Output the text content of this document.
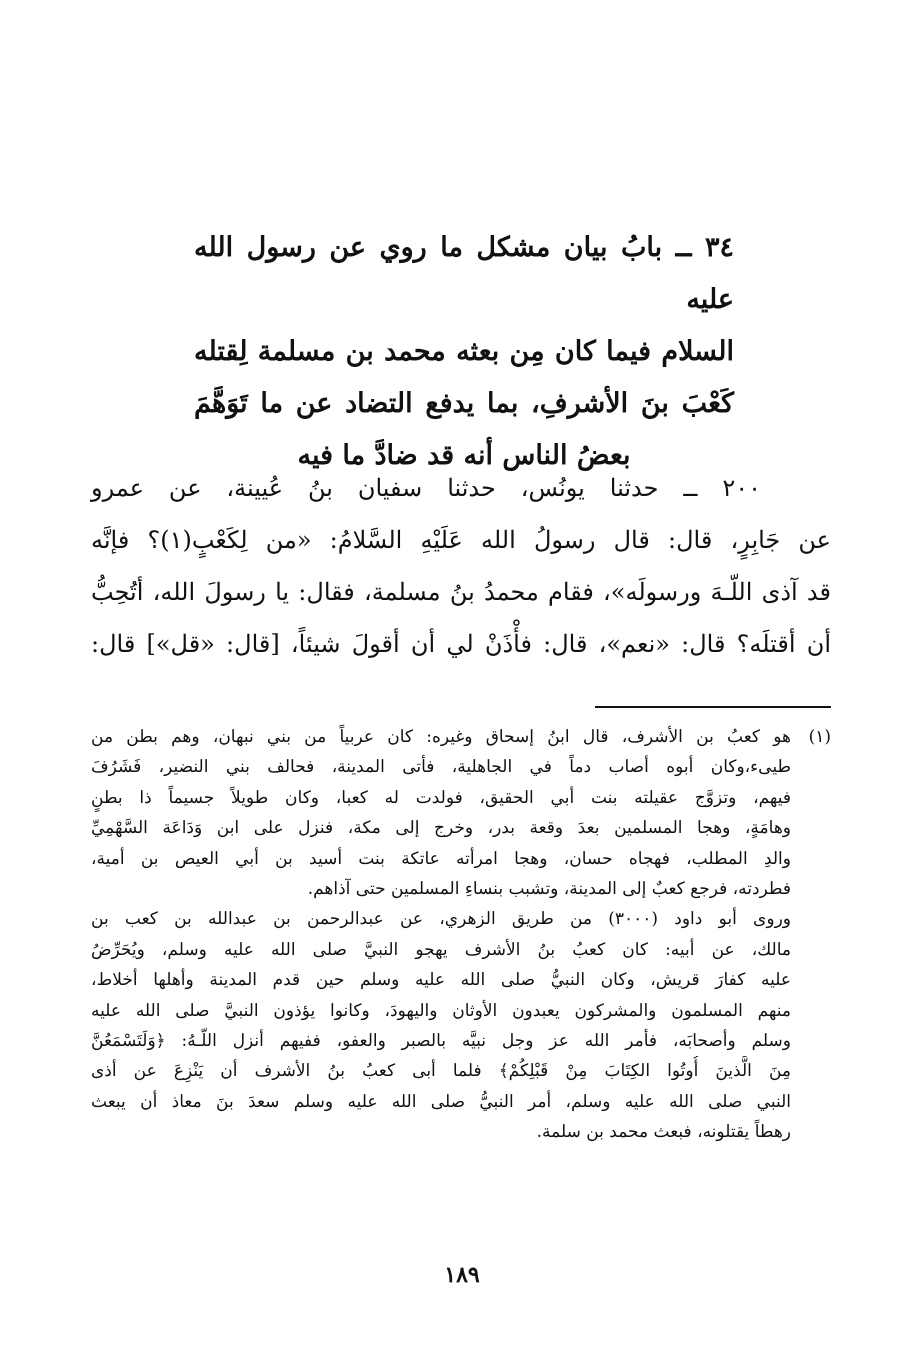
٣٤ ــ بابُ بيان مشكل ما روي عن رسول الله عليه
السلام فيما كان مِن بعثه محمد بن مسلمة لِقتله
كَعْبَ بنَ الأشرفِ، بما يدفع التضاد عن ما تَوَهَّمَ
بعضُ الناس أنه قد ضادَّ ما فيه
٢٠٠ ــ حدثنا يونُس، حدثنا سفيان بنُ عُيينة، عن عمرو
عن جَابِرٍ، قال: قال رسولُ الله عَلَيْهِ السَّلامُ: «من لِكَعْبٍ(١)؟ فإنَّه
قد آذى اللّـهَ ورسولَه»، فقام محمدُ بنُ مسلمة، فقال: يا رسولَ الله، أتُحِبُّ
أن أقتلَه؟ قال: «نعم»، قال: فأْذَنْ لي أن أقولَ شيئاً، [قال: «قل»] قال:
(١)هو كعبُ بن الأشرف، قال ابنُ إسحاق وغيره: كان عربياً من بني نبهان، وهم بطن من
طيىء،وكان أبوه أصاب دماً في الجاهلية، فأتى المدينة، فحالف بني النضير، فَشَرُفَ
فيهم، وتزوَّج عقيلته بنت أبي الحقيق، فولدت له كعبا، وكان طويلاً جسيماً ذا بطنٍ
وهامَةٍ، وهجا المسلمين بعدَ وقعة بدر، وخرج إلى مكة، فنزل على ابن وَدَاعَة السَّهْمِيِّ
والدِ المطلب، فهجاه حسان، وهجا امرأته عاتكة بنت أسيد بن أبي العيص بن أمية،
فطردته، فرجع كعبٌ إلى المدينة، وتشبب بنساءِ المسلمين حتى آذاهم.
وروى أبو داود (٣٠٠٠) من طريق الزهري، عن عبدالرحمن بن عبدالله بن كعب بن
مالك، عن أبيه: كان كعبُ بنُ الأشرف يهجو النبيَّ صلى الله عليه وسلم، ويُحَرِّضُ
عليه كفارَ قريش، وكان النبيُّ صلى الله عليه وسلم حين قدم المدينة وأهلها أخلاط،
منهم المسلمون والمشركون يعبدون الأوثان واليهودَ، وكانوا يؤذون النبيَّ صلى الله عليه
وسلم وأصحابَه، فأمر الله عز وجل نبيَّه بالصبر والعفو، ففيهم أنزل اللّـهُ: ﴿وَلَتَسْمَعُنَّ
مِنَ الَّذينَ أُوتُوا الكِتَابَ مِنْ قَبْلِكُمْ﴾ فلما أبى كعبُ بنُ الأشرف أن يَنْزِعَ عن أذى
النبي صلى الله عليه وسلم، أمر النبيُّ صلى الله عليه وسلم سعدَ بنَ معاذ أن يبعث
رهطاً يقتلونه، فبعث محمد بن سلمة.
١٨٩
